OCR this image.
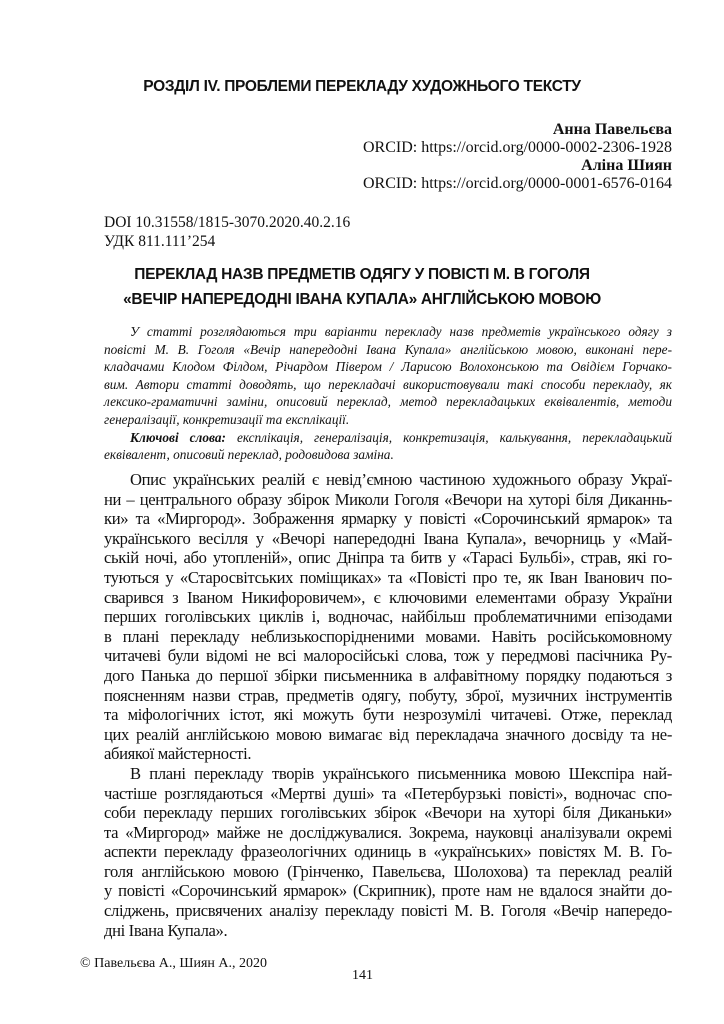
РОЗДІЛ IV. ПРОБЛЕМИ ПЕРЕКЛАДУ ХУДОЖНЬОГО ТЕКСТУ
Анна Павельєва
ORCID: https://orcid.org/0000-0002-2306-1928
Аліна Шиян
ORCID: https://orcid.org/0000-0001-6576-0164
DOI 10.31558/1815-3070.2020.40.2.16
УДК 811.111’254
ПЕРЕКЛАД НАЗВ ПРЕДМЕТІВ ОДЯГУ У ПОВІСТІ М. В ГОГОЛЯ
«ВЕЧІР НАПЕРЕДОДНІ ІВАНА КУПАЛА» АНГЛІЙСЬКОЮ МОВОЮ
У статті розглядаються три варіанти перекладу назв предметів українського одягу з
повісті М. В. Гоголя «Вечір напередодні Івана Купала» англійською мовою, виконані пере-
кладачами Клодом Філдом, Річардом Півером / Ларисою Волохонською та Овідієм Горчако-
вим. Автори статті доводять, що перекладачі використовували такі способи перекладу, як
лексико-граматичні заміни, описовий переклад, метод перекладацьких еквівалентів, методи
генералізації, конкретизації та експлікації.
Ключові слова: експлікація, генералізація, конкретизація, калькування, перекладацький
еквівалент, описовий переклад, родовидова заміна.
Опис українських реалій є невід’ємною частиною художнього образу Украї-
ни – центрального образу збірок Миколи Гоголя «Вечори на хуторі біля Диканнь-
ки» та «Миргород». Зображення ярмарку у повісті «Сорочинський ярмарок» та
українського весілля у «Вечорі напередодні Івана Купала», вечорниць у «Май-
ській ночі, або утопленій», опис Дніпра та битв у «Тарасі Бульбі», страв, які го-
туються у «Старосвітських поміщиках» та «Повісті про те, як Іван Іванович по-
сварився з Іваном Никифоровичем», є ключовими елементами образу України
перших гоголівських циклів і, водночас, найбільш проблематичними епізодами
в плані перекладу неблизькоспорідненими мовами. Навіть російськомовному
читачеві були відомі не всі малоросійські слова, тож у передмові пасічника Ру-
дого Панька до першої збірки письменника в алфавітному порядку подаються з
поясненням назви страв, предметів одягу, побуту, зброї, музичних інструментів
та міфологічних істот, які можуть бути незрозумілі читачеві. Отже, переклад
цих реалій англійською мовою вимагає від перекладача значного досвіду та не-
абиякої майстерності.
В плані перекладу творів українського письменника мовою Шекспіра най-
частіше розглядаються «Мертві душі» та «Петербурзькі повісті», водночас спо-
соби перекладу перших гоголівських збірок «Вечори на хуторі біля Диканьки»
та «Миргород» майже не досліджувалися. Зокрема, науковці аналізували окремі
аспекти перекладу фразеологічних одиниць в «українських» повістях М. В. Го-
голя англійською мовою (Грінченко, Павельєва, Шолохова) та переклад реалій
у повісті «Сорочинський ярмарок» (Скрипник), проте нам не вдалося знайти до-
сліджень, присвячених аналізу перекладу повісті М. В. Гоголя «Вечір напередо-
дні Івана Купала».
© Павельєва А., Шиян А., 2020
141
